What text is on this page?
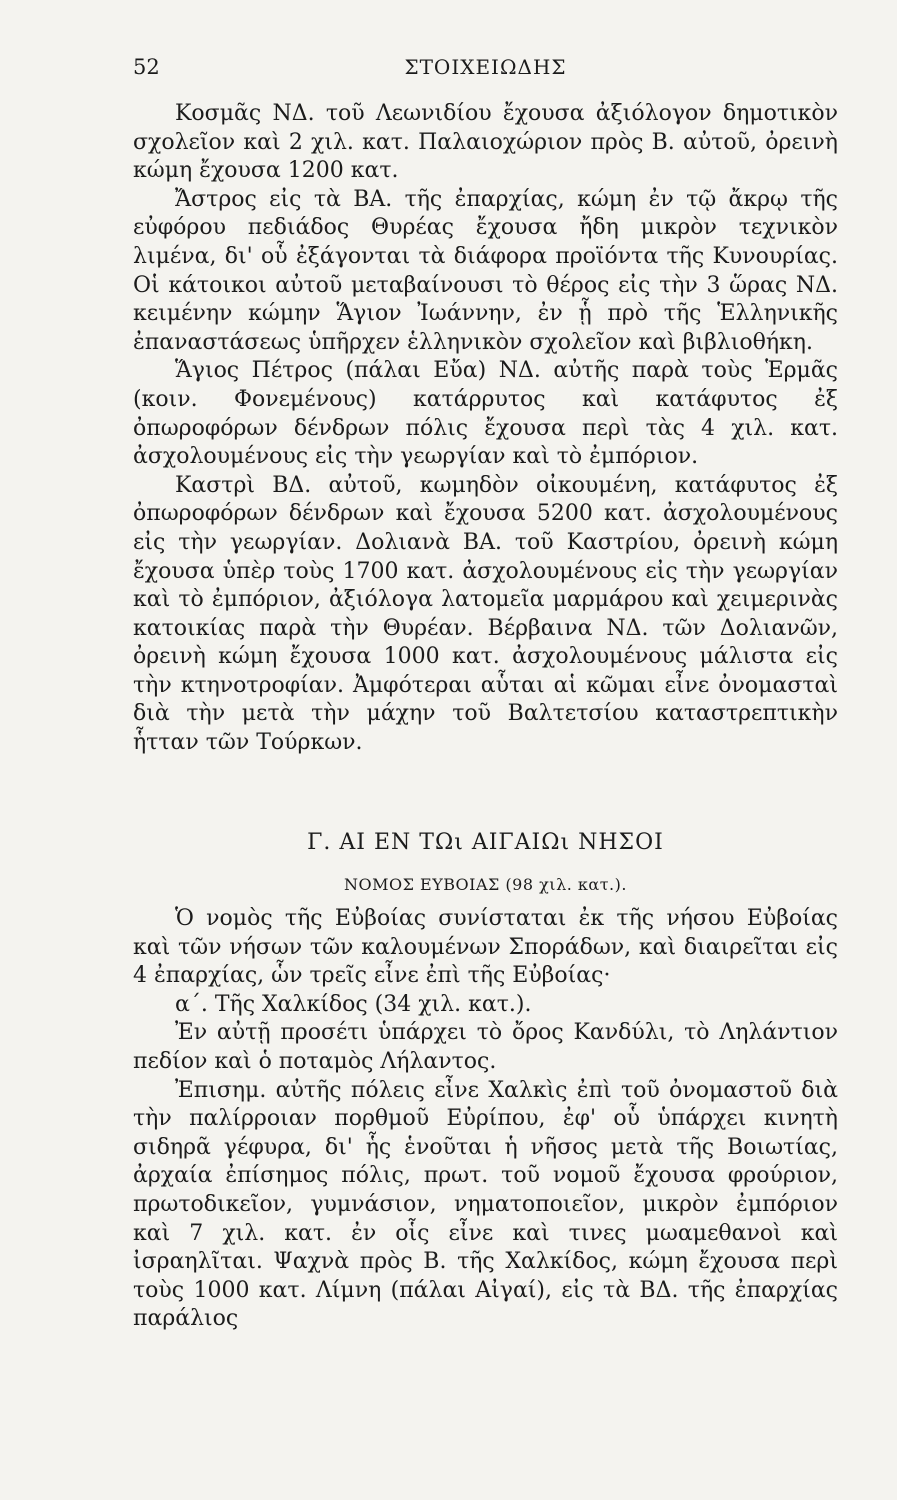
52	ΣΤΟΙΧΕΙΩΔΗΣ

Κοσμᾶς ΝΔ. τοῦ Λεωνιδίου ἔχουσα ἀξιόλογον δημοτικὸν σχολεῖον καὶ 2 χιλ. κατ. Παλαιοχώριον πρὸς Β. αὐτοῦ, ὀρεινὴ κώμη ἔχουσα 1200 κατ.

Ἄστρος εἰς τὰ ΒΑ. τῆς ἐπαρχίας, κώμη ἐν τῷ ἄκρῳ τῆς εὐφόρου πεδιάδος Θυρέας ἔχουσα ἤδη μικρὸν τεχνικὸν λιμένα, δι' οὗ ἐξάγονται τὰ διάφορα προϊόντα τῆς Κυνουρίας. Οἱ κάτοικοι αὐτοῦ μεταβαίνουσι τὸ θέρος εἰς τὴν 3 ὥρας ΝΔ. κειμένην κώμην Ἅγιον Ἰωάννην, ἐν ᾗ πρὸ τῆς Ἑλληνικῆς ἐπαναστάσεως ὑπῆρχεν ἑλληνικὸν σχολεῖον καὶ βιβλιοθήκη.

Ἅγιος Πέτρος (πάλαι Εὔα) ΝΔ. αὐτῆς παρὰ τοὺς Ἑρμᾶς (κοιν. Φονεμένους) κατάρρυτος καὶ κατάφυτος ἐξ ὀπωροφόρων δένδρων πόλις ἔχουσα περὶ τὰς 4 χιλ. κατ. ἀσχολουμένους εἰς τὴν γεωργίαν καὶ τὸ ἐμπόριον.

Καστρὶ ΒΔ. αὐτοῦ, κωμηδὸν οἰκουμένη, κατάφυτος ἐξ ὀπωροφόρων δένδρων καὶ ἔχουσα 5200 κατ. ἀσχολουμένους εἰς τὴν γεωργίαν. Δολιανὰ ΒΑ. τοῦ Καστρίου, ὀρεινὴ κώμη ἔχουσα ὑπὲρ τοὺς 1700 κατ. ἀσχολουμένους εἰς τὴν γεωργίαν καὶ τὸ ἐμπόριον, ἀξιόλογα λατομεῖα μαρμάρου καὶ χειμερινὰς κατοικίας παρὰ τὴν Θυρέαν. Βέρβαινα ΝΔ. τῶν Δολιανῶν, ὀρεινὴ κώμη ἔχουσα 1000 κατ. ἀσχολουμένους μάλιστα εἰς τὴν κτηνοτροφίαν. Ἀμφότεραι αὗται αἱ κῶμαι εἶνε ὀνομασταὶ διὰ τὴν μετὰ τὴν μάχην τοῦ Βαλτετσίου καταστρεπτικὴν ἧτταν τῶν Τούρκων.

Γ. ΑΙ ΕΝ ΤΩι ΑΙΓΑΙΩι ΝΗΣΟΙ
ΝΟΜΟΣ ΕΥΒΟΙΑΣ (98 χιλ. κατ.).

Ὁ νομὸς τῆς Εὐβοίας συνίσταται ἐκ τῆς νήσου Εὐβοίας καὶ τῶν νήσων τῶν καλουμένων Σποράδων, καὶ διαιρεῖται εἰς 4 ἐπαρχίας, ὧν τρεῖς εἶνε ἐπὶ τῆς Εὐβοίας·

α΄. Τῆς Χαλκίδος (34 χιλ. κατ.).

Ἐν αὐτῇ προσέτι ὑπάρχει τὸ ὄρος Κανδύλι, τὸ Ληλάντιον πεδίον καὶ ὁ ποταμὸς Λήλαντος.

Ἐπισημ. αὐτῆς πόλεις εἶνε Χαλκὶς ἐπὶ τοῦ ὀνομαστοῦ διὰ τὴν παλίρροιαν πορθμοῦ Εὐρίπου, ἐφ' οὗ ὑπάρχει κινητὴ σιδηρᾶ γέφυρα, δι' ἧς ἑνοῦται ἡ νῆσος μετὰ τῆς Βοιωτίας, ἀρχαία ἐπίσημος πόλις, πρωτ. τοῦ νομοῦ ἔχουσα φρούριον, πρωτοδικεῖον, γυμνάσιον, νηματοποιεῖον, μικρὸν ἐμπόριον καὶ 7 χιλ. κατ. ἐν οἷς εἶνε καὶ τινες μωαμεθανοὶ καὶ ἰσραηλῖται. Ψαχνὰ πρὸς Β. τῆς Χαλκίδος, κώμη ἔχουσα περὶ τοὺς 1000 κατ. Λίμνη (πάλαι Αἰγαί), εἰς τὰ ΒΔ. τῆς ἐπαρχίας παράλιος
